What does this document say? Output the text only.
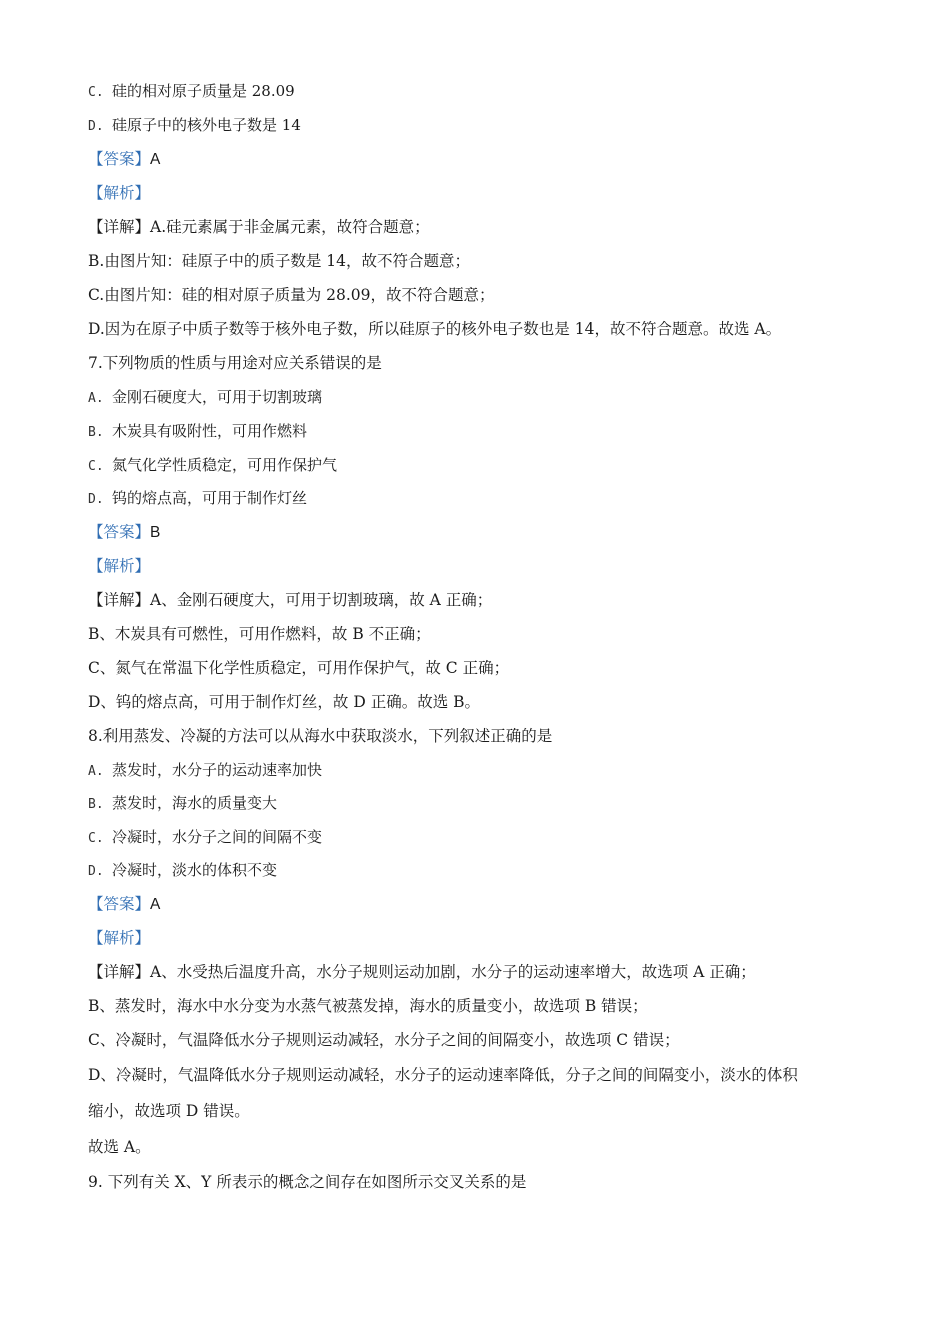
C. 硅的相对原子质量是 28.09
D. 硅原子中的核外电子数是 14
【答案】A
【解析】
【详解】A.硅元素属于非金属元素，故符合题意；
B.由图片知：硅原子中的质子数是 14，故不符合题意；
C.由图片知：硅的相对原子质量为 28.09，故不符合题意；
D.因为在原子中质子数等于核外电子数，所以硅原子的核外电子数也是 14，故不符合题意。故选 A。
7.下列物质的性质与用途对应关系错误的是
A. 金刚石硬度大，可用于切割玻璃
B. 木炭具有吸附性，可用作燃料
C. 氮气化学性质稳定，可用作保护气
D. 钨的熔点高，可用于制作灯丝
【答案】B
【解析】
【详解】A、金刚石硬度大，可用于切割玻璃，故 A 正确；
B、木炭具有可燃性，可用作燃料，故 B 不正确；
C、氮气在常温下化学性质稳定，可用作保护气，故 C 正确；
D、钨的熔点高，可用于制作灯丝，故 D 正确。故选 B。
8.利用蒸发、冷凝的方法可以从海水中获取淡水，下列叙述正确的是
A. 蒸发时，水分子的运动速率加快
B. 蒸发时，海水的质量变大
C. 冷凝时，水分子之间的间隔不变
D. 冷凝时，淡水的体积不变
【答案】A
【解析】
【详解】A、水受热后温度升高，水分子规则运动加剧，水分子的运动速率增大，故选项 A 正确；
B、蒸发时，海水中水分变为水蒸气被蒸发掉，海水的质量变小，故选项 B 错误；
C、冷凝时，气温降低水分子规则运动减轻，水分子之间的间隔变小，故选项 C 错误；
D、冷凝时，气温降低水分子规则运动减轻，水分子的运动速率降低，分子之间的间隔变小，淡水的体积
缩小，故选项 D 错误。
故选 A。
9. 下列有关 X、Y 所表示的概念之间存在如图所示交叉关系的是
